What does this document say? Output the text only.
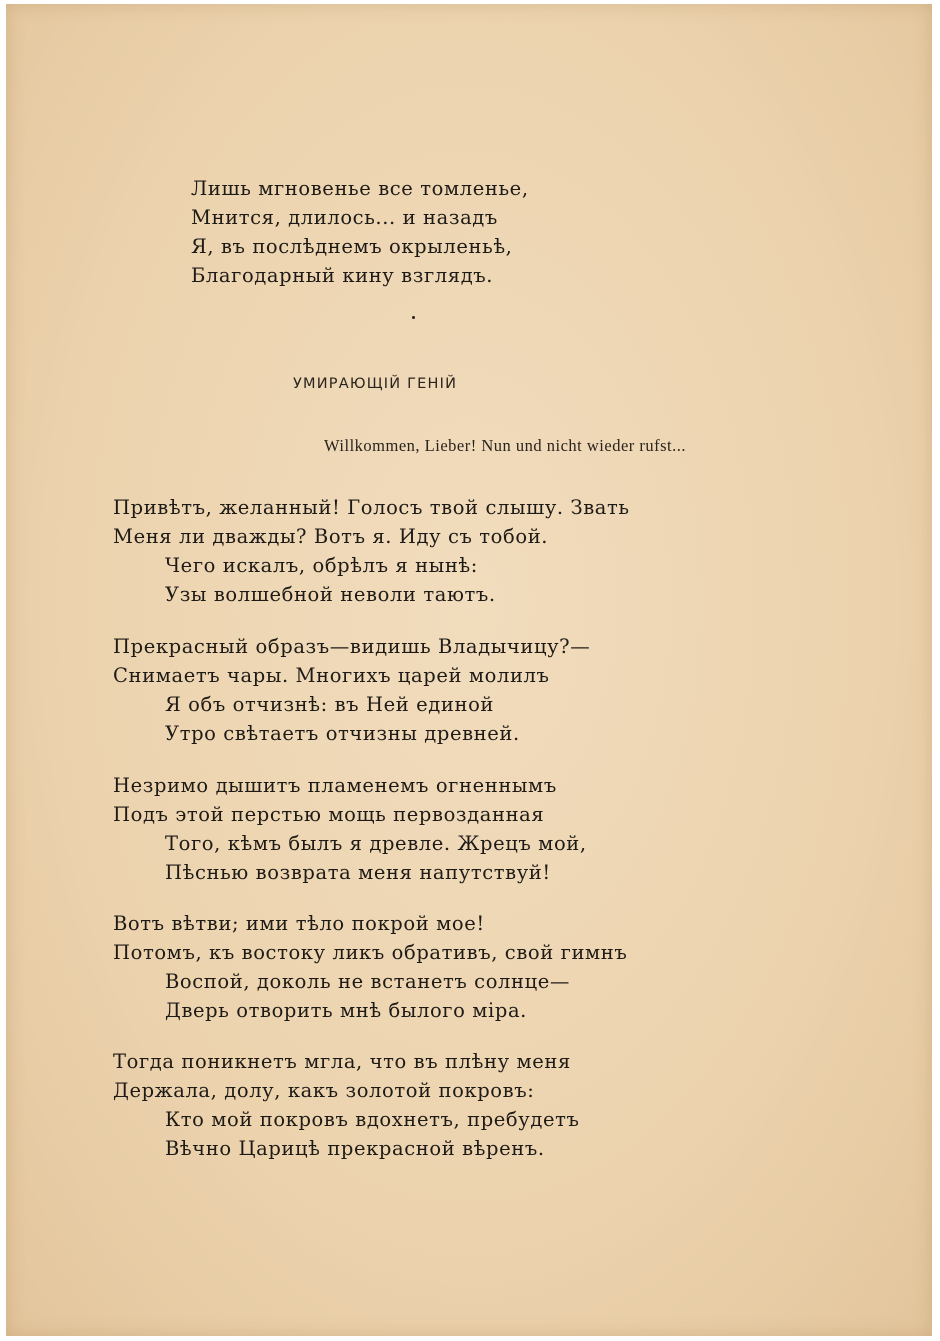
Лишь мгновенье все томленье,
Мнится, длилось... и назадъ
Я, въ послѣднемъ окрыленьѣ,
Благодарный кину взглядъ.
УМИРАЮЩІЙ ГЕНІЙ
Willkommen, Lieber! Nun und nicht wieder rufst...
Привѣтъ, желанный! Голосъ твой слышу. Звать
Меня ли дважды? Вотъ я. Иду съ тобой.
Чего искалъ, обрѣлъ я нынѣ:
Узы волшебной неволи таютъ.
Прекрасный образъ—видишь Владычицу?—
Снимаетъ чары. Многихъ царей молилъ
Я объ отчизнѣ: въ Ней единой
Утро свѣтаетъ отчизны древней.
Незримо дышитъ пламенемъ огненнымъ
Подъ этой перстью мощь первозданная
Того, кѣмъ былъ я древле. Жрецъ мой,
Пѣснью возврата меня напутствуй!
Вотъ вѣтви; ими тѣло покрой мое!
Потомъ, къ востоку ликъ обративъ, свой гимнъ
Воспой, доколь не встанетъ солнце—
Дверь отворить мнѣ былого міра.
Тогда поникнетъ мгла, что въ плѣну меня
Держала, долу, какъ золотой покровъ:
Кто мой покровъ вдохнетъ, пребудетъ
Вѣчно Царицѣ прекрасной вѣренъ.
